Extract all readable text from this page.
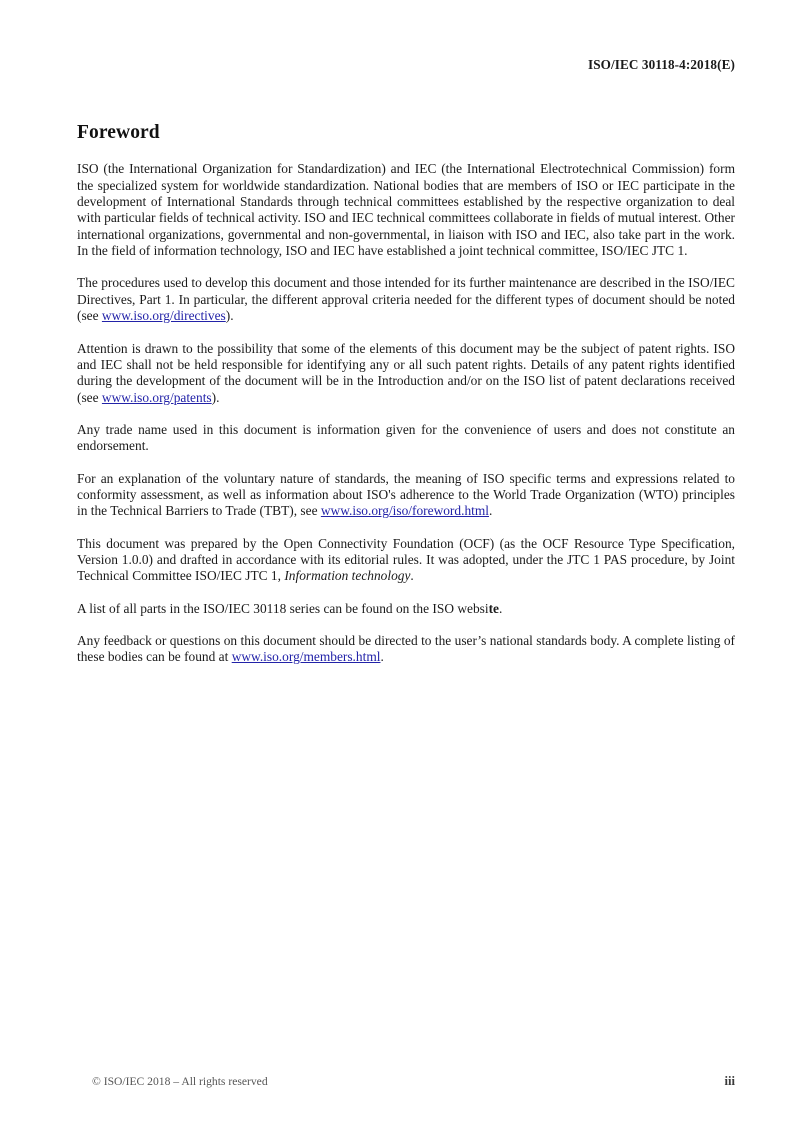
ISO/IEC 30118-4:2018(E)
Foreword

ISO (the International Organization for Standardization) and IEC (the International Electrotechnical Commission) form the specialized system for worldwide standardization. National bodies that are members of ISO or IEC participate in the development of International Standards through technical committees established by the respective organization to deal with particular fields of technical activity. ISO and IEC technical committees collaborate in fields of mutual interest. Other international organizations, governmental and non-governmental, in liaison with ISO and IEC, also take part in the work. In the field of information technology, ISO and IEC have established a joint technical committee, ISO/IEC JTC 1.

The procedures used to develop this document and those intended for its further maintenance are described in the ISO/IEC Directives, Part 1. In particular, the different approval criteria needed for the different types of document should be noted (see www.iso.org/directives).

Attention is drawn to the possibility that some of the elements of this document may be the subject of patent rights. ISO and IEC shall not be held responsible for identifying any or all such patent rights. Details of any patent rights identified during the development of the document will be in the Introduction and/or on the ISO list of patent declarations received (see www.iso.org/patents).

Any trade name used in this document is information given for the convenience of users and does not constitute an endorsement.

For an explanation of the voluntary nature of standards, the meaning of ISO specific terms and expressions related to conformity assessment, as well as information about ISO's adherence to the World Trade Organization (WTO) principles in the Technical Barriers to Trade (TBT), see www.iso.org/iso/foreword.html.

This document was prepared by the Open Connectivity Foundation (OCF) (as the OCF Resource Type Specification, Version 1.0.0) and drafted in accordance with its editorial rules. It was adopted, under the JTC 1 PAS procedure, by Joint Technical Committee ISO/IEC JTC 1, Information technology.

A list of all parts in the ISO/IEC 30118 series can be found on the ISO website.

Any feedback or questions on this document should be directed to the user’s national standards body. A complete listing of these bodies can be found at www.iso.org/members.html.

© ISO/IEC 2018 – All rights reserved	iii
